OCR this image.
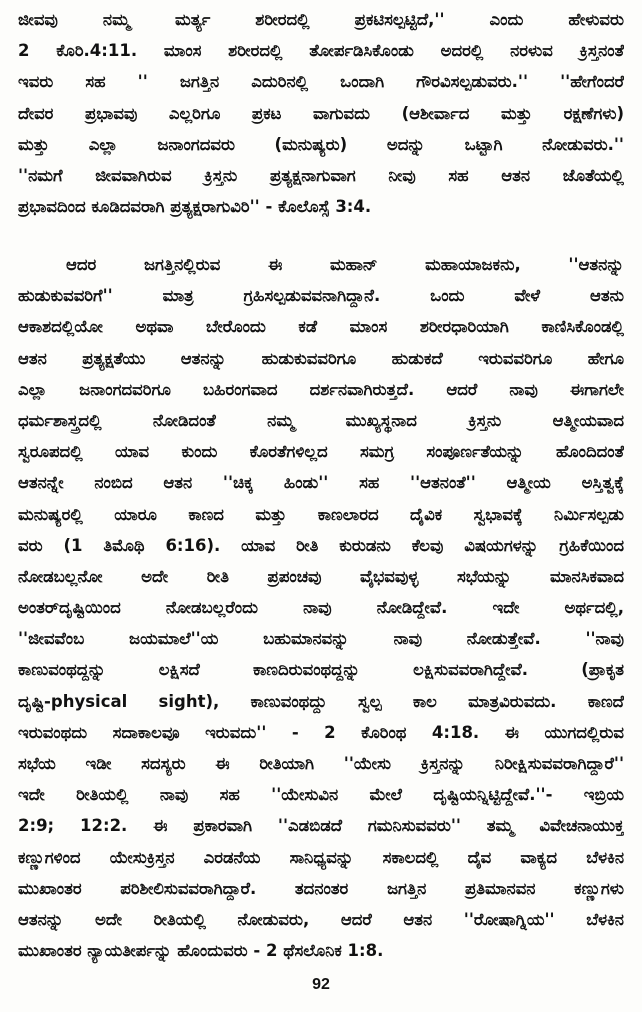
ಜೀವವು ನಮ್ಮ ಮರ್ತ್ಯ ಶರೀರದಲ್ಲಿ ಪ್ರಕಟಿಸಲ್ಪಟ್ಟಿದೆ,'' ಎಂದು ಹೇಳುವರು
2 ಕೊರಿ.4:11. ಮಾಂಸ ಶರೀರದಲ್ಲಿ ತೋರ್ಪಡಿಸಿಕೊಂಡು ಅದರಲ್ಲಿ ನರಳುವ ಕ್ರಿಸ್ತನಂತೆ
ಇವರು ಸಹ '' ಜಗತ್ತಿನ ಎದುರಿನಲ್ಲಿ ಒಂದಾಗಿ ಗೌರವಿಸಲ್ಪಡುವರು.'' ''ಹೇಗೆಂದರೆ
ದೇವರ ಪ್ರಭಾವವು ಎಲ್ಲರಿಗೂ ಪ್ರಕಟ ವಾಗುವದು (ಆಶೀರ್ವಾದ ಮತ್ತು ರಕ್ಷಣೆಗಳು)
ಮತ್ತು ಎಲ್ಲಾ ಜನಾಂಗದವರು (ಮನುಷ್ಯರು) ಅದನ್ನು ಒಟ್ಟಾಗಿ ನೋಡುವರು.''
''ನಮಗೆ ಜೀವವಾಗಿರುವ ಕ್ರಿಸ್ತನು ಪ್ರತ್ಯಕ್ಷನಾಗುವಾಗ ನೀವು ಸಹ ಆತನ ಜೊತೆಯಲ್ಲಿ
ಪ್ರಭಾವದಿಂದ ಕೂಡಿದವರಾಗಿ ಪ್ರತ್ಯಕ್ಷರಾಗುವಿರಿ'' - ಕೊಲೊಸ್ಸೆ 3:4.
ಆದರ ಜಗತ್ತಿನಲ್ಲಿರುವ ಈ ಮಹಾನ್ ಮಹಾಯಾಜಕನು, ''ಆತನನ್ನು
ಹುಡುಕುವವರಿಗೆ'' ಮಾತ್ರ ಗ್ರಹಿಸಲ್ಪಡುವವನಾಗಿದ್ದಾನೆ. ಒಂದು ವೇಳೆ ಆತನು
ಆಕಾಶದಲ್ಲಿಯೋ ಅಥವಾ ಬೇರೊಂದು ಕಡೆ ಮಾಂಸ ಶರೀರಧಾರಿಯಾಗಿ ಕಾಣಿಸಿಕೊಂಡಲ್ಲಿ
ಆತನ ಪ್ರತ್ಯಕ್ಷತೆಯು ಆತನನ್ನು ಹುಡುಕುವವರಿಗೂ ಹುಡುಕದೆ ಇರುವವರಿಗೂ ಹೇಗೂ
ಎಲ್ಲಾ ಜನಾಂಗದವರಿಗೂ ಬಹಿರಂಗವಾದ ದರ್ಶನವಾಗಿರುತ್ತದೆ. ಆದರೆ ನಾವು ಈಗಾಗಲೇ
ಧರ್ಮಶಾಸ್ತ್ರದಲ್ಲಿ ನೋಡಿದಂತೆ ನಮ್ಮ ಮುಖ್ಯಸ್ಥನಾದ ಕ್ರಿಸ್ತನು ಆತ್ಮೀಯವಾದ
ಸ್ವರೂಪದಲ್ಲಿ ಯಾವ ಕುಂದು ಕೊರತೆಗಳಿಲ್ಲದ ಸಮಗ್ರ ಸಂಪೂರ್ಣತೆಯನ್ನು ಹೊಂದಿದಂತೆ
ಆತನನ್ನೇ ನಂಬಿದ ಆತನ ''ಚಿಕ್ಕ ಹಿಂಡು'' ಸಹ ''ಆತನಂತೆ'' ಆತ್ಮೀಯ ಅಸ್ತಿತ್ವಕ್ಕೆ
ಮನುಷ್ಯರಲ್ಲಿ ಯಾರೂ ಕಾಣದ ಮತ್ತು ಕಾಣಲಾರದ ದೈವಿಕ ಸ್ವಭಾವಕ್ಕೆ ನಿರ್ಮಿಸಲ್ಪಡು
ವರು (1 ತಿಮೊಥಿ 6:16). ಯಾವ ರೀತಿ ಕುರುಡನು ಕೆಲವು ವಿಷಯಗಳನ್ನು ಗ್ರಹಿಕೆಯಿಂದ
ನೋಡಬಲ್ಲನೋ ಅದೇ ರೀತಿ ಪ್ರಪಂಚವು ವೈಭವವುಳ್ಳ ಸಭೆಯನ್ನು ಮಾನಸಿಕವಾದ
ಅಂತರ್‌ದೃಷ್ಟಿಯಿಂದ ನೋಡಬಲ್ಲರೆಂದು ನಾವು ನೋಡಿದ್ದೇವೆ. ಇದೇ ಅರ್ಥದಲ್ಲಿ,
''ಜೀವವೆಂಬ ಜಯಮಾಲೆ''ಯ ಬಹುಮಾನವನ್ನು ನಾವು ನೋಡುತ್ತೇವೆ. ''ನಾವು
ಕಾಣುವಂಥದ್ದನ್ನು ಲಕ್ಷಿಸದೆ ಕಾಣದಿರುವಂಥದ್ದನ್ನು ಲಕ್ಷಿಸುವವರಾಗಿದ್ದೇವೆ. (ಪ್ರಾಕೃತ
ದೃಷ್ಟಿ-physical sight), ಕಾಣುವಂಥದ್ದು ಸ್ವಲ್ಪ ಕಾಲ ಮಾತ್ರವಿರುವದು. ಕಾಣದೆ
ಇರುವಂಥದು ಸದಾಕಾಲವೂ ಇರುವದು'' - 2 ಕೊರಿಂಥ 4:18. ಈ ಯುಗದಲ್ಲಿರುವ
ಸಭೆಯ ಇಡೀ ಸದಸ್ಯರು ಈ ರೀತಿಯಾಗಿ ''ಯೇಸು ಕ್ರಿಸ್ತನನ್ನು ನಿರೀಕ್ಷಿಸುವವರಾಗಿದ್ದಾರೆ''
ಇದೇ ರೀತಿಯಲ್ಲಿ ನಾವು ಸಹ ''ಯೇಸುವಿನ ಮೇಲೆ ದೃಷ್ಟಿಯನ್ನಿಟ್ಟಿದ್ದೇವೆ.''- ಇಬ್ರಿಯ
2:9; 12:2. ಈ ಪ್ರಕಾರವಾಗಿ ''ಎಡಬಿಡದೆ ಗಮನಿಸುವವರು'' ತಮ್ಮ ವಿವೇಚನಾಯುಕ್ತ
ಕಣ್ಣುಗಳಿಂದ ಯೇಸುಕ್ರಿಸ್ತನ ಎರಡನೆಯ ಸಾನಿಧ್ಯವನ್ನು ಸಕಾಲದಲ್ಲಿ ದೈವ ವಾಕ್ಯದ ಬೆಳಕಿನ
ಮುಖಾಂತರ ಪರಿಶೀಲಿಸುವವರಾಗಿದ್ದಾರೆ. ತದನಂತರ ಜಗತ್ತಿನ ಪ್ರತಿಮಾನವನ ಕಣ್ಣುಗಳು
ಆತನನ್ನು ಅದೇ ರೀತಿಯಲ್ಲಿ ನೋಡುವರು, ಆದರೆ ಆತನ ''ರೋಷಾಗ್ನಿಯ'' ಬೆಳಕಿನ
ಮುಖಾಂತರ ನ್ಯಾಯತೀರ್ಪನ್ನು ಹೊಂದುವರು - 2 ಥೆಸಲೊನಿಕ 1:8.
92
